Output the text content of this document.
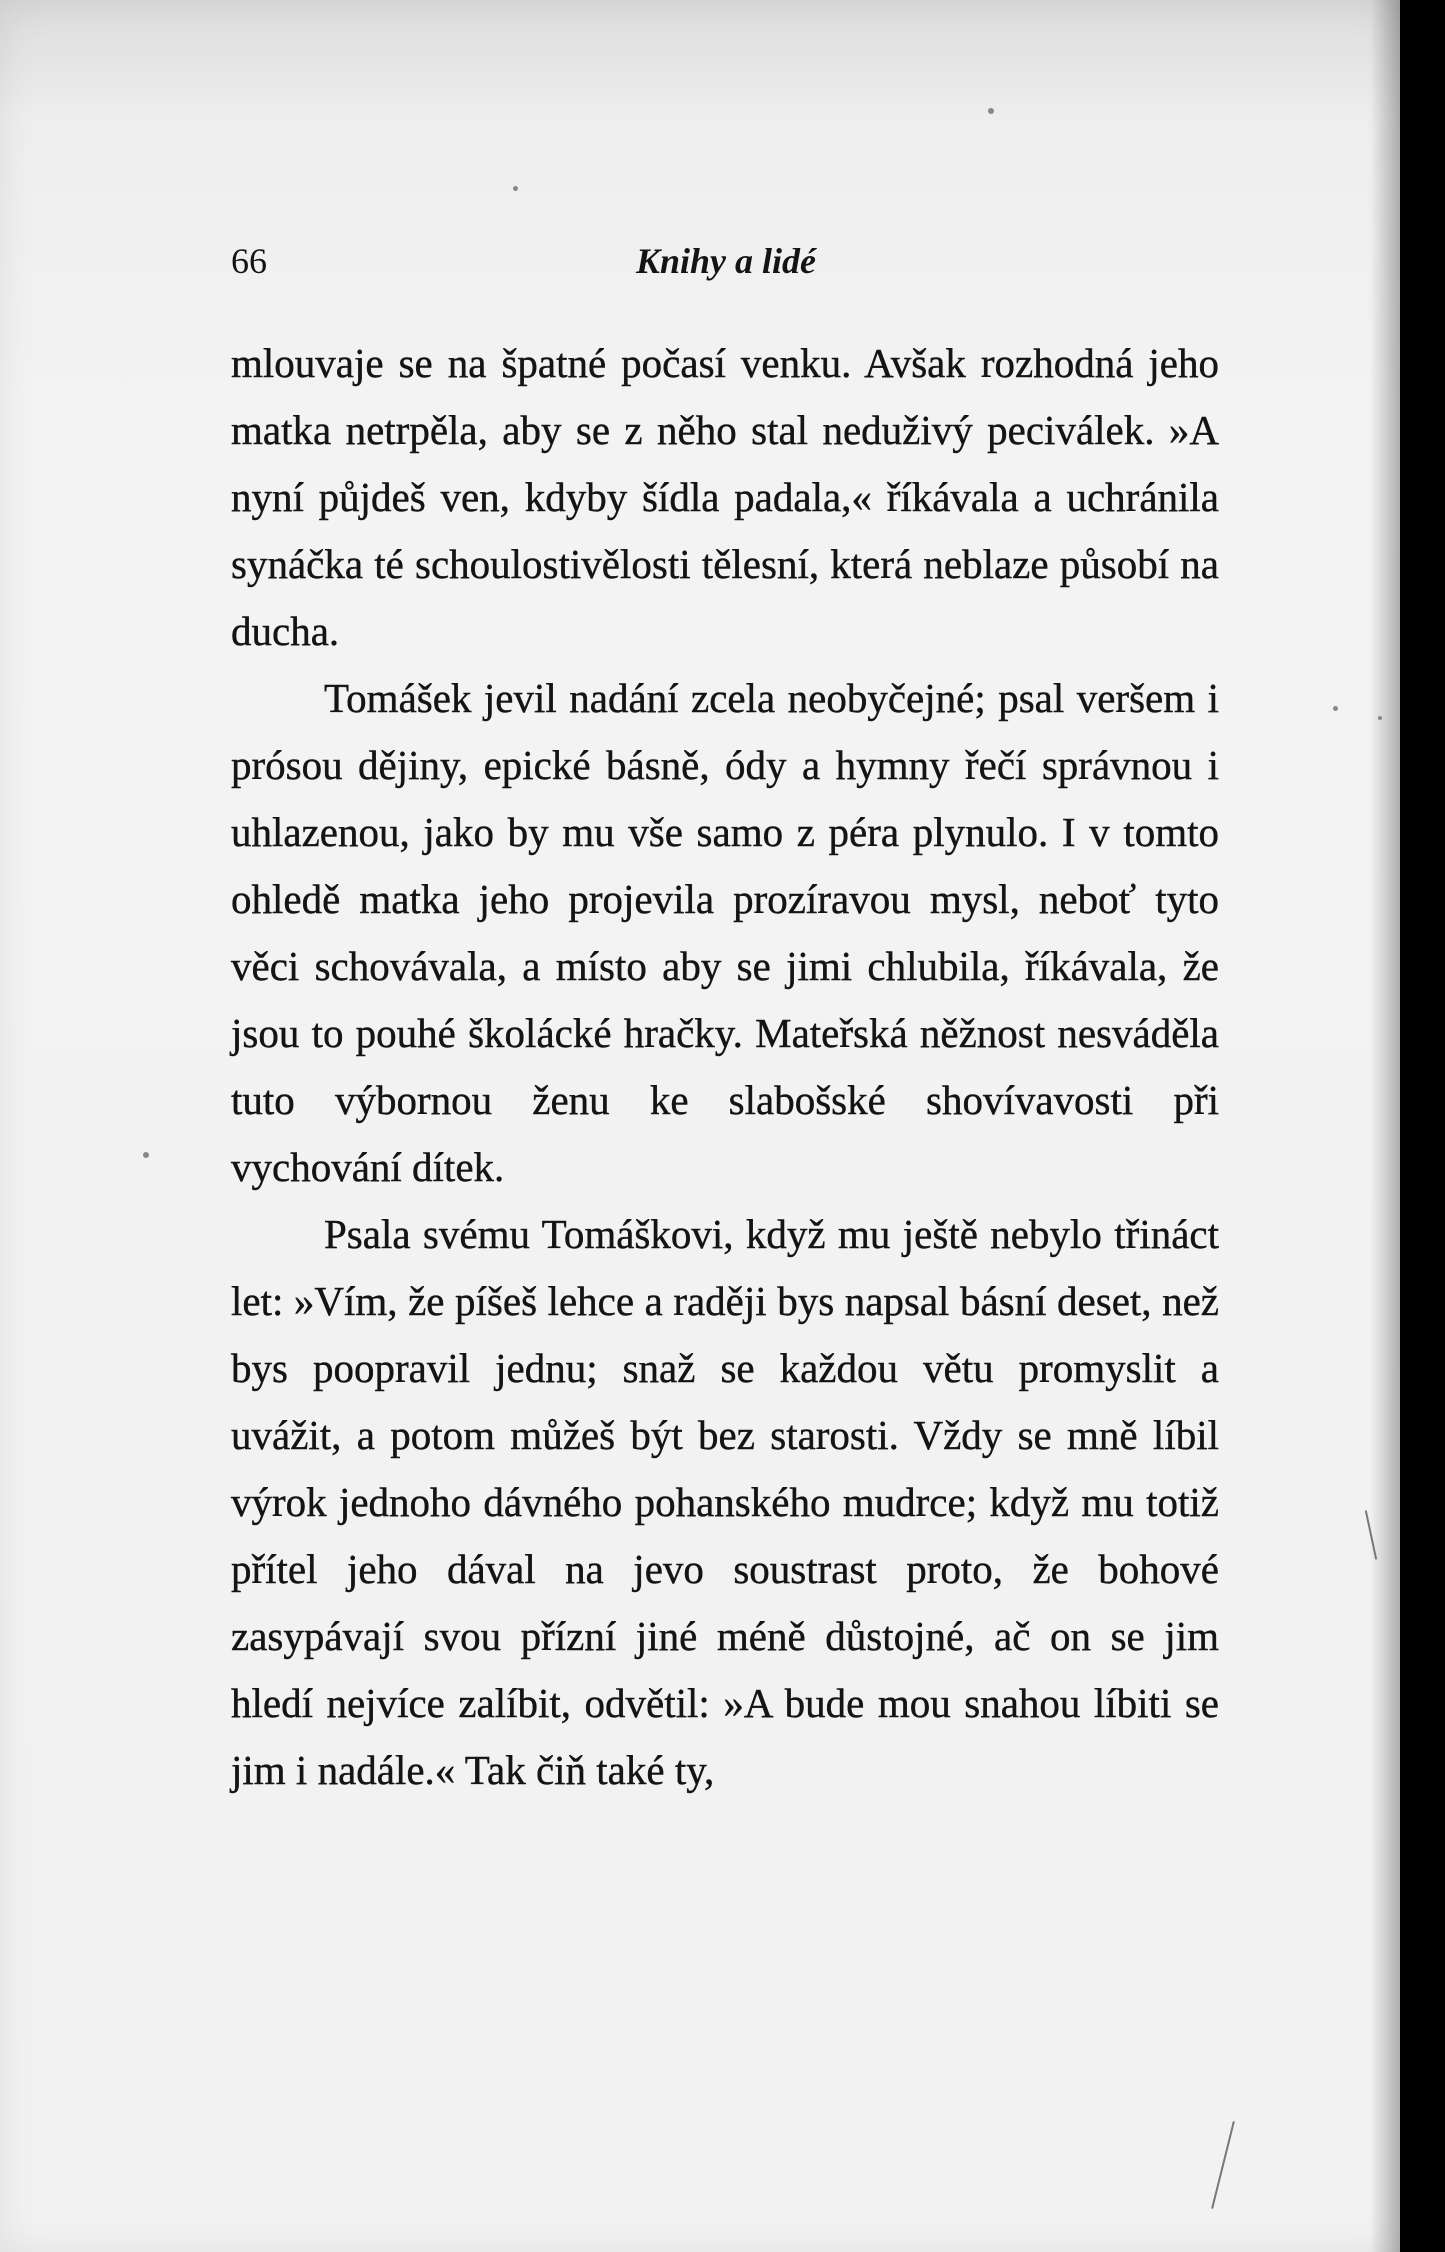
66	Knihy a lidé

mlouvaje se na špatné počasí venku. Avšak rozhodná jeho matka netrpěla, aby se z něho stal neduživý peciválek. »A nyní půjdeš ven, kdyby šídla padala,« říkávala a uchránila synáčka té schoulostivělosti tělesní, která neblaze působí na ducha.

Tomášek jevil nadání zcela neobyčejné; psal veršem i prósou dějiny, epické básně, ódy a hymny řečí správnou i uhlazenou, jako by mu vše samo z péra plynulo. I v tomto ohledě matka jeho projevila prozíravou mysl, neboť tyto věci schovávala, a místo aby se jimi chlubila, říkávala, že jsou to pouhé školácké hračky. Mateřská něžnost nesváděla tuto výbornou ženu ke slabošské shovívavosti při vychování dítek.

Psala svému Tomáškovi, když mu ještě nebylo třináct let: »Vím, že píšeš lehce a raději bys napsal básní deset, než bys poopravil jednu; snaž se každou větu promyslit a uvážit, a potom můžeš být bez starosti. Vždy se mně líbil výrok jednoho dávného pohanského mudrce; když mu totiž přítel jeho dával na jevo soustrast proto, že bohové zasypávají svou přízní jiné méně důstojné, ač on se jim hledí nejvíce zalíbit, odvětil: »A bude mou snahou líbiti se jim i nadále.« Tak čiň také ty,
